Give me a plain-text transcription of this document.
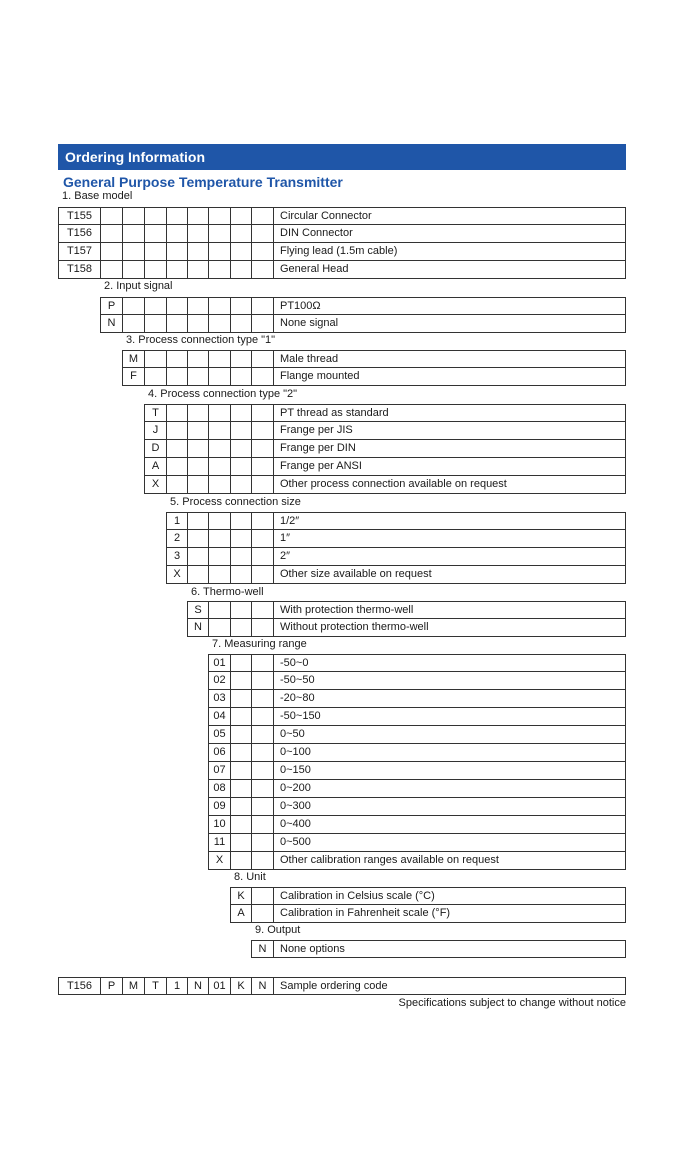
Ordering Information
General Purpose Temperature Transmitter
1. Base model
T155	Circular Connector
T156	DIN Connector
T157	Flying lead (1.5m cable)
T158	General Head
2. Input signal
P	PT100Ω
N	None signal
3. Process connection type "1"
M	Male thread
F	Flange mounted
4. Process connection type "2"
T	PT thread as standard
J	Frange per JIS
D	Frange per DIN
A	Frange per ANSI
X	Other process connection available on request
5. Process connection size
1	1/2″
2	1″
3	2″
X	Other size available on request
6. Thermo-well
S	With protection thermo-well
N	Without protection thermo-well
7. Measuring range
01	-50~0
02	-50~50
03	-20~80
04	-50~150
05	0~50
06	0~100
07	0~150
08	0~200
09	0~300
10	0~400
11	0~500
X	Other calibration ranges available on request
8. Unit
K	Calibration in Celsius scale (°C)
A	Calibration in Fahrenheit scale (°F)
9. Output
N	None options
T156	P	M	T	1	N	01	K	N	Sample ordering code
Specifications subject to change without notice
